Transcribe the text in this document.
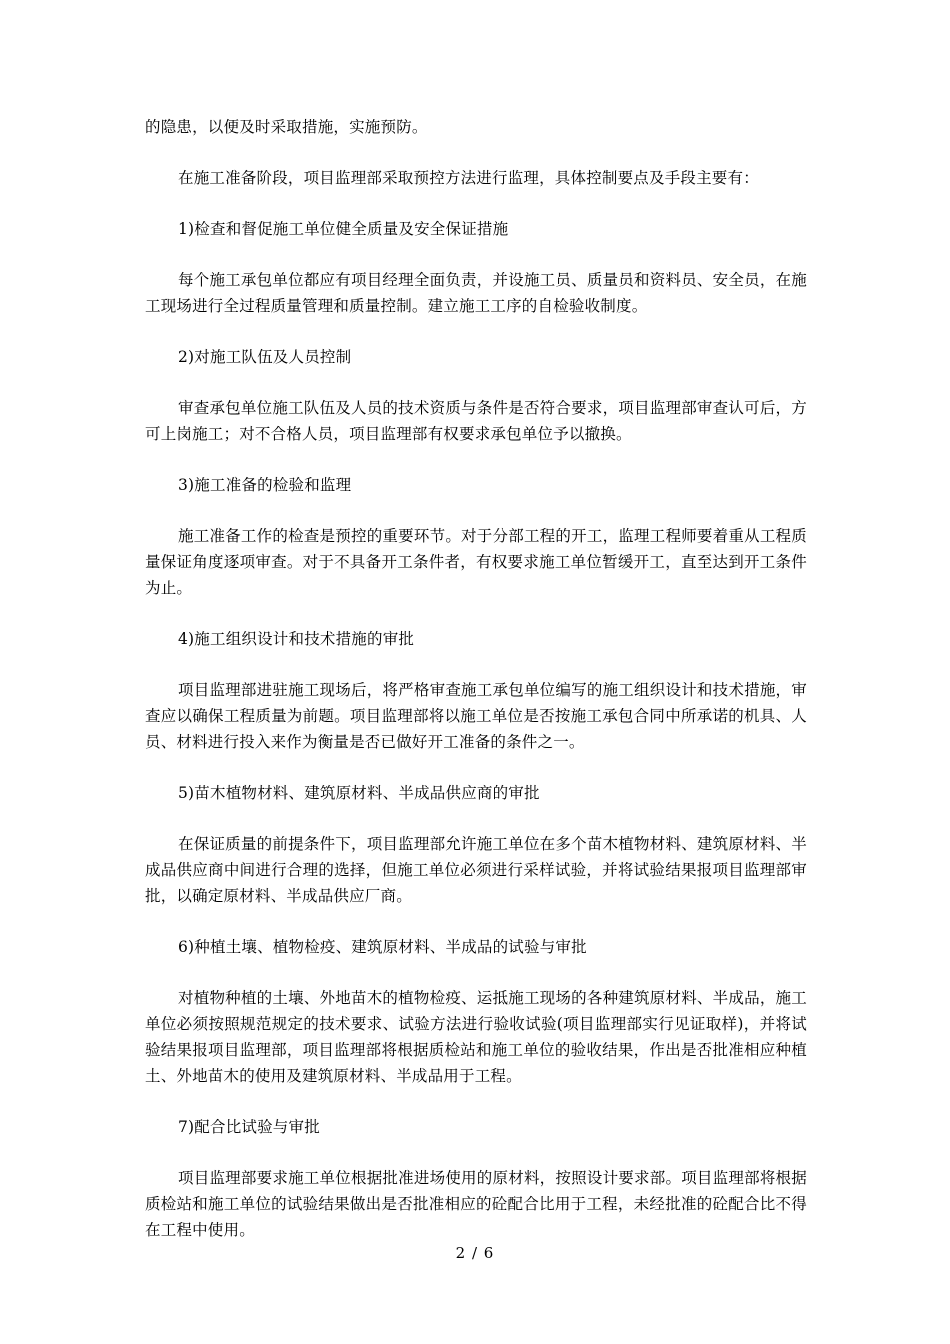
的隐患，以便及时采取措施，实施预防。

在施工准备阶段，项目监理部采取预控方法进行监理，具体控制要点及手段主要有：

1)检查和督促施工单位健全质量及安全保证措施

每个施工承包单位都应有项目经理全面负责，并设施工员、质量员和资料员、安全员，在施工现场进行全过程质量管理和质量控制。建立施工工序的自检验收制度。

2)对施工队伍及人员控制

审查承包单位施工队伍及人员的技术资质与条件是否符合要求，项目监理部审查认可后，方可上岗施工；对不合格人员，项目监理部有权要求承包单位予以撤换。

3)施工准备的检验和监理

施工准备工作的检查是预控的重要环节。对于分部工程的开工，监理工程师要着重从工程质量保证角度逐项审查。对于不具备开工条件者，有权要求施工单位暂缓开工，直至达到开工条件为止。

4)施工组织设计和技术措施的审批

项目监理部进驻施工现场后，将严格审查施工承包单位编写的施工组织设计和技术措施，审查应以确保工程质量为前题。项目监理部将以施工单位是否按施工承包合同中所承诺的机具、人员、材料进行投入来作为衡量是否已做好开工准备的条件之一。

5)苗木植物材料、建筑原材料、半成品供应商的审批

在保证质量的前提条件下，项目监理部允许施工单位在多个苗木植物材料、建筑原材料、半成品供应商中间进行合理的选择，但施工单位必须进行采样试验，并将试验结果报项目监理部审批，以确定原材料、半成品供应厂商。

6)种植土壤、植物检疫、建筑原材料、半成品的试验与审批

对植物种植的土壤、外地苗木的植物检疫、运抵施工现场的各种建筑原材料、半成品，施工单位必须按照规范规定的技术要求、试验方法进行验收试验(项目监理部实行见证取样)，并将试验结果报项目监理部，项目监理部将根据质检站和施工单位的验收结果，作出是否批准相应种植土、外地苗木的使用及建筑原材料、半成品用于工程。

7)配合比试验与审批

项目监理部要求施工单位根据批准进场使用的原材料，按照设计要求部。项目监理部将根据质检站和施工单位的试验结果做出是否批准相应的砼配合比用于工程，未经批准的砼配合比不得在工程中使用。

2 / 6
